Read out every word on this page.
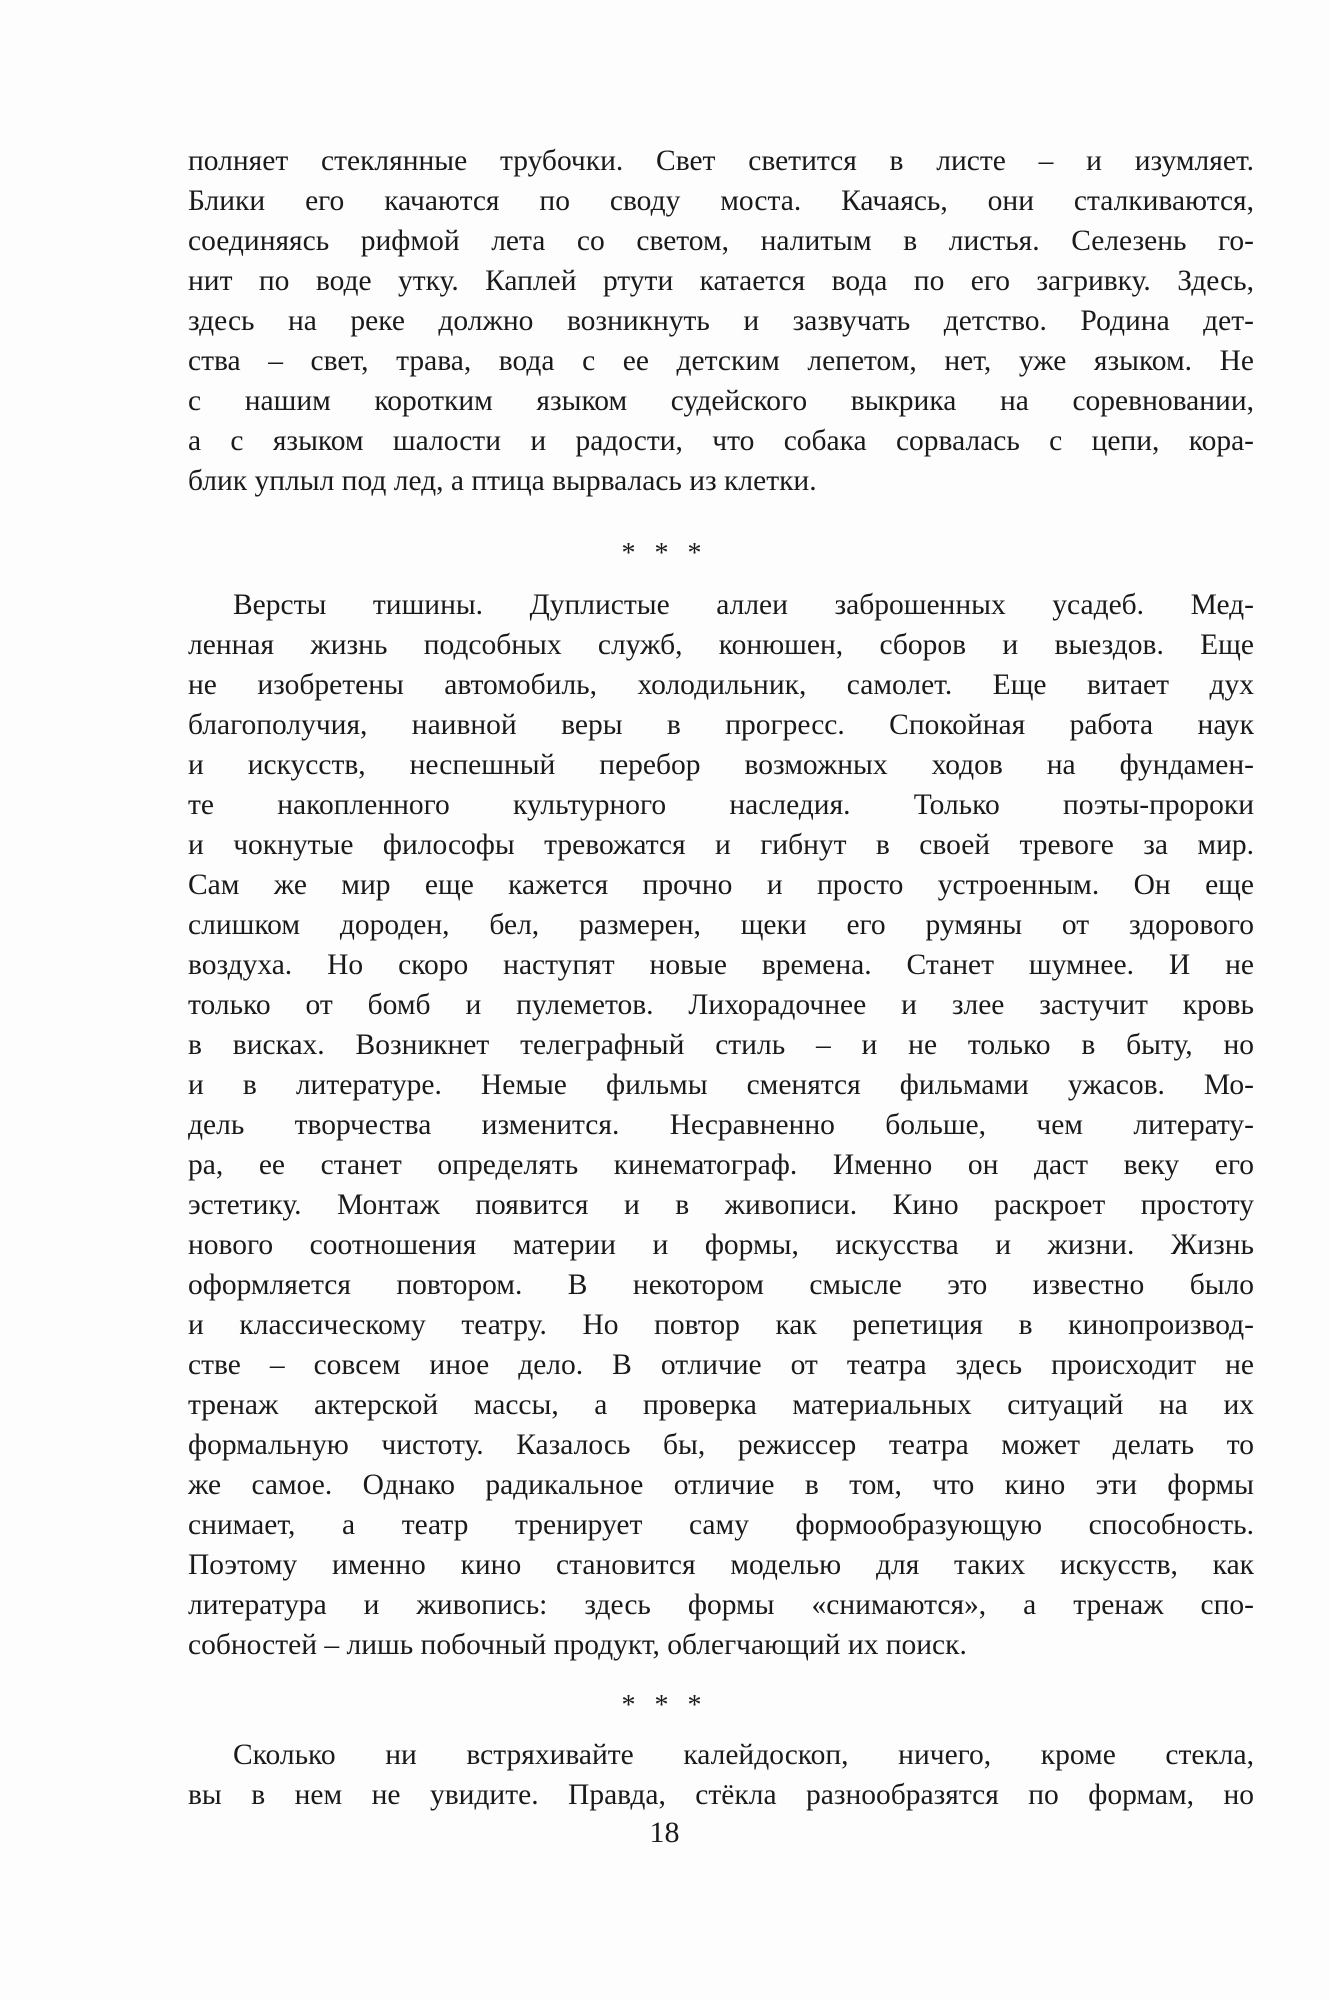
полняет стеклянные трубочки. Свет светится в листе – и изумляет.
Блики его качаются по своду моста. Качаясь, они сталкиваются,
соединяясь рифмой лета со светом, налитым в листья. Селезень го-
нит по воде утку. Каплей ртути катается вода по его загривку. Здесь,
здесь на реке должно возникнуть и зазвучать детство. Родина дет-
ства – свет, трава, вода с ее детским лепетом, нет, уже языком. Не
с нашим коротким языком судейского выкрика на соревновании,
а с языком шалости и радости, что собака сорвалась с цепи, кора-
блик уплыл под лед, а птица вырвалась из клетки.
* * *
Версты тишины. Дуплистые аллеи заброшенных усадеб. Мед-
ленная жизнь подсобных служб, конюшен, сборов и выездов. Еще
не изобретены автомобиль, холодильник, самолет. Еще витает дух
благополучия, наивной веры в прогресс. Спокойная работа наук
и искусств, неспешный перебор возможных ходов на фундамен-
те накопленного культурного наследия. Только поэты-пророки
и чокнутые философы тревожатся и гибнут в своей тревоге за мир.
Сам же мир еще кажется прочно и просто устроенным. Он еще
слишком дороден, бел, размерен, щеки его румяны от здорового
воздуха. Но скоро наступят новые времена. Станет шумнее. И не
только от бомб и пулеметов. Лихорадочнее и злее застучит кровь
в висках. Возникнет телеграфный стиль – и не только в быту, но
и в литературе. Немые фильмы сменятся фильмами ужасов. Мо-
дель творчества изменится. Несравненно больше, чем литерату-
ра, ее станет определять кинематограф. Именно он даст веку его
эстетику. Монтаж появится и в живописи. Кино раскроет простоту
нового соотношения материи и формы, искусства и жизни. Жизнь
оформляется повтором. В некотором смысле это известно было
и классическому театру. Но повтор как репетиция в кинопроизвод-
стве – совсем иное дело. В отличие от театра здесь происходит не
тренаж актерской массы, а проверка материальных ситуаций на их
формальную чистоту. Казалось бы, режиссер театра может делать то
же самое. Однако радикальное отличие в том, что кино эти формы
снимает, а театр тренирует саму формообразующую способность.
Поэтому именно кино становится моделью для таких искусств, как
литература и живопись: здесь формы «снимаются», а тренаж спо-
собностей – лишь побочный продукт, облегчающий их поиск.
* * *
Сколько ни встряхивайте калейдоскоп, ничего, кроме стекла,
вы в нем не увидите. Правда, стёкла разнообразятся по формам, но
18
